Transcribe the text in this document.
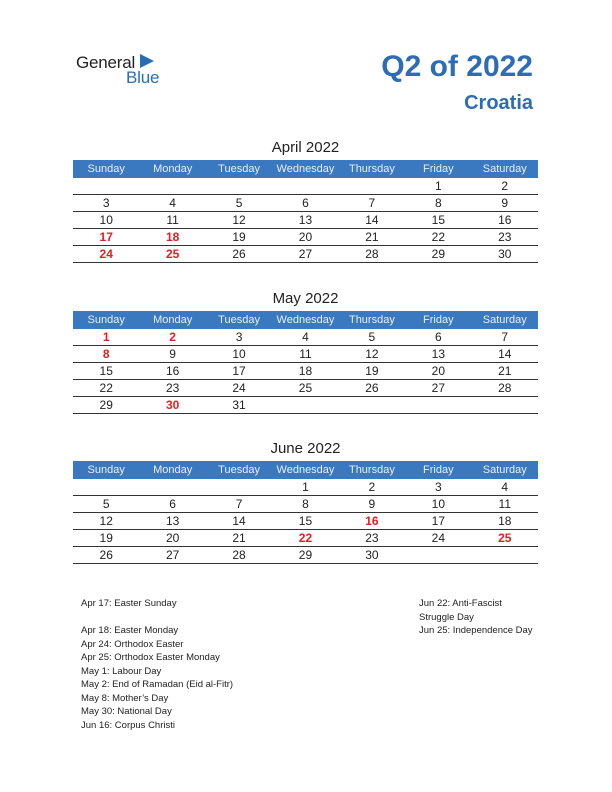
General
Blue	Q2 of 2022
Croatia
April 2022
Sunday	Monday	Tuesday	Wednesday	Thursday	Friday	Saturday
					1	2
3	4	5	6	7	8	9
10	11	12	13	14	15	16
17	18	19	20	21	22	23
24	25	26	27	28	29	30
May 2022
Sunday	Monday	Tuesday	Wednesday	Thursday	Friday	Saturday
1	2	3	4	5	6	7
8	9	10	11	12	13	14
15	16	17	18	19	20	21
22	23	24	25	26	27	28
29	30	31				
June 2022
Sunday	Monday	Tuesday	Wednesday	Thursday	Friday	Saturday
			1	2	3	4
5	6	7	8	9	10	11
12	13	14	15	16	17	18
19	20	21	22	23	24	25
26	27	28	29	30		
Apr 17: Easter Sunday
Apr 18: Easter Monday
Apr 24: Orthodox Easter
Apr 25: Orthodox Easter Monday
May 1: Labour Day
May 2: End of Ramadan (Eid al-Fitr)
May 8: Mother’s Day
May 30: National Day
Jun 16: Corpus Christi
Jun 22: Anti-Fascist
Struggle Day
Jun 25: Independence Day
